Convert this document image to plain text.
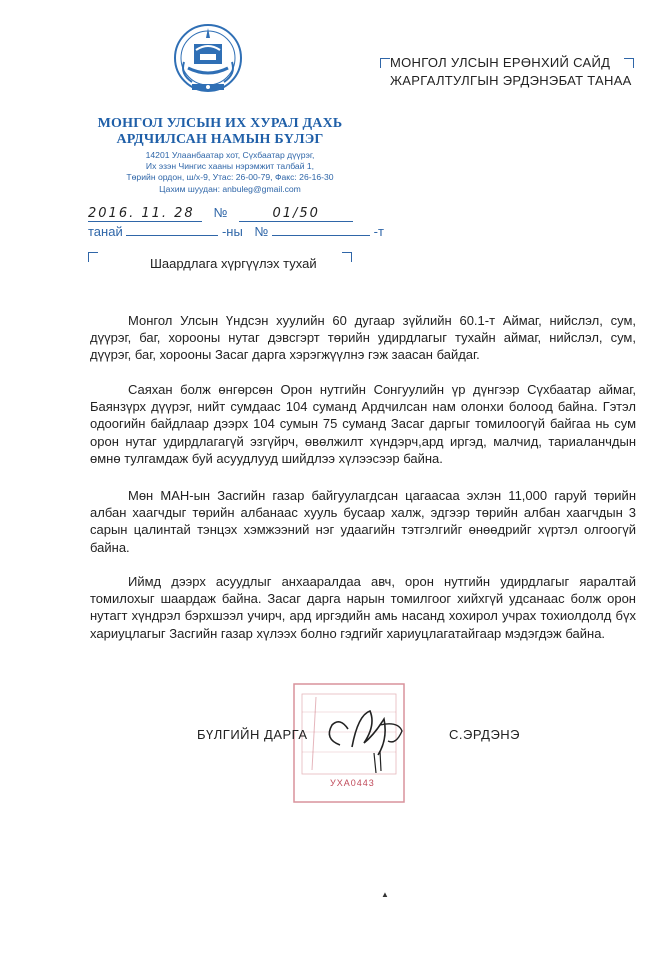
МОНГОЛ УЛСЫН ИХ ХУРАЛ ДАХЬ
АРДЧИЛСАН НАМЫН БҮЛЭГ
14201 Улаанбаатар хот, Сүхбаатар дүүрэг,
Их эзэн Чингис хааны нэрэмжит талбай 1,
Төрийн ордон, ш/х-9, Утас: 26-00-79, Факс: 26-16-30
Цахим шуудан: anbuleg@gmail.com
МОНГОЛ УЛСЫН ЕРӨНХИЙ САЙД
ЖАРГАЛТУЛГЫН ЭРДЭНЭБАТ ТАНАА
2016. 11. 28 №	01/50
танай	-ны №	-т
Шаардлага хүргүүлэх тухай
Монгол Улсын Үндсэн хуулийн 60 дугаар зүйлийн 60.1-т Аймаг, нийслэл, сум, дүүрэг, баг, хорооны нутаг дэвсгэрт төрийн удирдлагыг тухайн аймаг, нийслэл, сум, дүүрэг, баг, хорооны Засаг дарга хэрэгжүүлнэ гэж заасан байдаг.
Саяхан болж өнгөрсөн Орон нутгийн Сонгуулийн үр дүнгээр Сүхбаатар аймаг, Баянзүрх дүүрэг, нийт сумдаас 104 суманд Ардчилсан нам олонхи болоод байна. Гэтэл одоогийн байдлаар дээрх 104 сумын 75 суманд Засаг даргыг томилоогүй байгаа нь сум орон нутаг удирдлагагүй эзгүйрч, өвөлжилт хүндэрч,ард иргэд, малчид, тариаланчдын өмнө тулгамдаж буй асуудлууд шийдлээ хүлээсээр байна.
Мөн МАН-ын Засгийн газар байгуулагдсан цагаасаа эхлэн 11,000 гаруй төрийн албан хаагчдыг төрийн албанаас хууль бусаар халж, эдгээр төрийн албан хаагчдын 3 сарын цалинтай тэнцэх хэмжээний нэг удаагийн тэтгэлгийг өнөөдрийг хүртэл олгоогүй байна.
Иймд дээрх асуудлыг анхааралдаа авч, орон нутгийн удирдлагыг яаралтай томилохыг шаардаж байна. Засаг дарга нарын томилгоог хийхгүй удсанаас болж орон нутагт хүндрэл бэрхшээл учирч, ард иргэдийн амь насанд хохирол учрах тохиолдолд бүх хариуцлагыг Засгийн газар хүлээх болно гэдгийг хариуцлагатайгаар мэдэгдэж байна.
УХА0443
БҮЛГИЙН ДАРГА	С.ЭРДЭНЭ
▲
